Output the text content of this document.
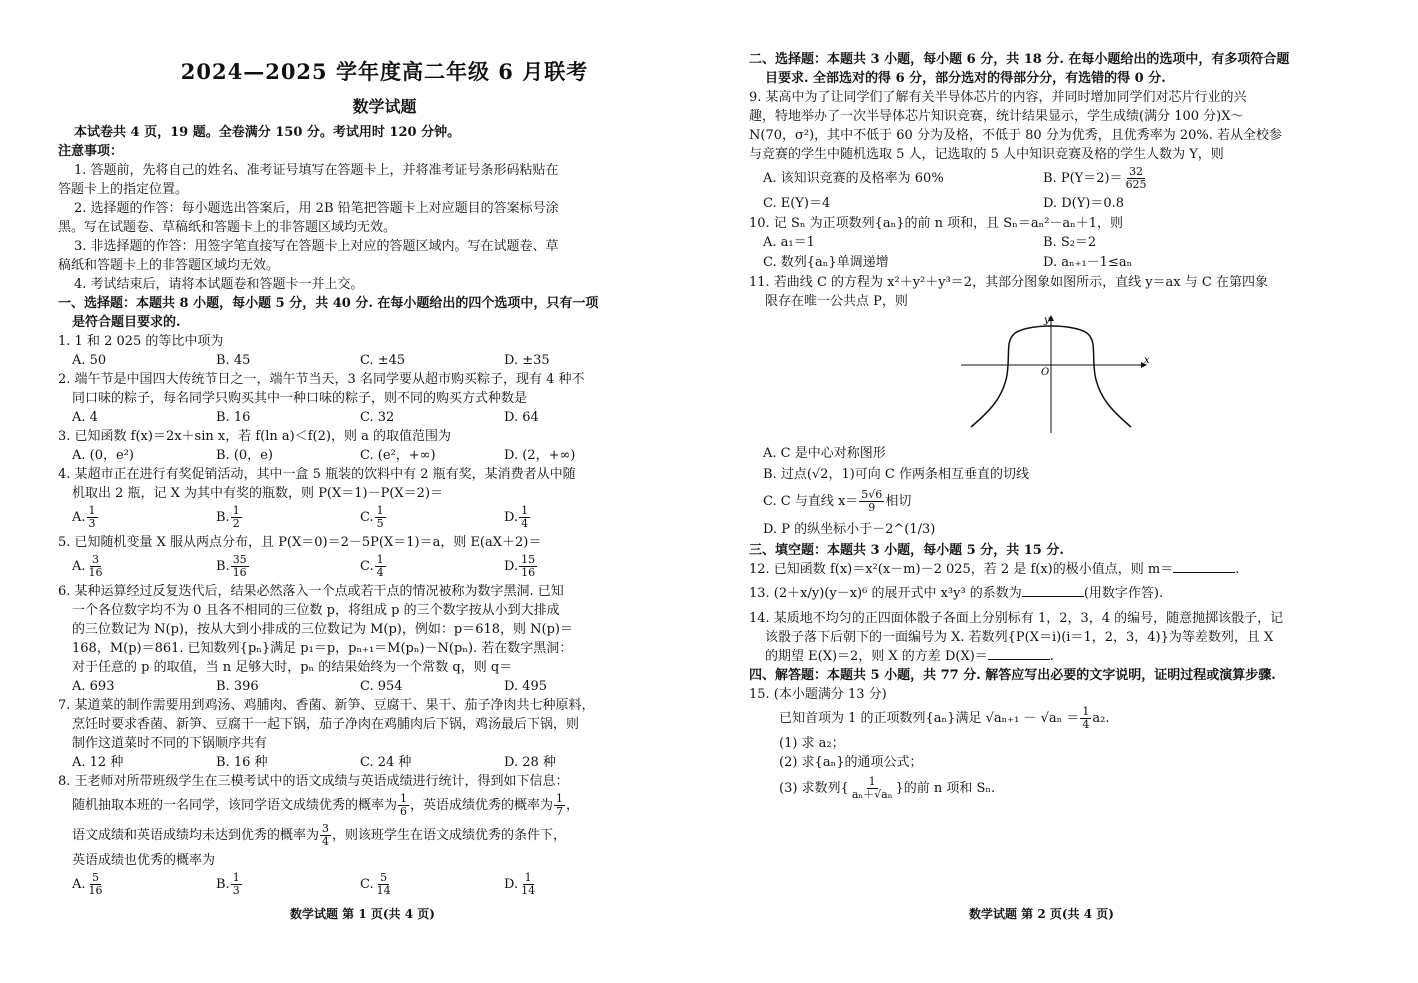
2024—2025 学年度高二年级 6 月联考
数学试题
本试卷共 4 页，19 题。全卷满分 150 分。考试用时 120 分钟。
注意事项：
1. 答题前，先将自己的姓名、准考证号填写在答题卡上，并将准考证号条形码粘贴在
答题卡上的指定位置。
2. 选择题的作答：每小题选出答案后，用 2B 铅笔把答题卡上对应题目的答案标号涂
黑。写在试题卷、草稿纸和答题卡上的非答题区域均无效。
3. 非选择题的作答：用签字笔直接写在答题卡上对应的答题区域内。写在试题卷、草
稿纸和答题卡上的非答题区域均无效。
4. 考试结束后，请将本试题卷和答题卡一并上交。
一、选择题：本题共 8 小题，每小题 5 分，共 40 分. 在每小题给出的四个选项中，只有一项
是符合题目要求的.
1. 1 和 2 025 的等比中项为
A. 50	B. 45	C. ±45	D. ±35
2. 端午节是中国四大传统节日之一，端午节当天，3 名同学要从超市购买粽子，现有 4 种不
同口味的粽子，每名同学只购买其中一种口味的粽子，则不同的购买方式种数是
A. 4	B. 16	C. 32	D. 64
3. 已知函数 f(x)＝2x＋sin x，若 f(ln a)＜f(2)，则 a 的取值范围为
A. (0，e²)	B. (0，e)	C. (e²，+∞)	D. (2，+∞)
4. 某超市正在进行有奖促销活动，其中一盒 5 瓶装的饮料中有 2 瓶有奖，某消费者从中随
机取出 2 瓶，记 X 为其中有奖的瓶数，则 P(X＝1)－P(X＝2)＝
A. $\frac{1}{3}$	B. $\frac{1}{2}$	C. $\frac{1}{5}$	D. $\frac{1}{4}$
5. 已知随机变量 X 服从两点分布，且 P(X＝0)＝2－5P(X＝1)＝a，则 E(aX＋2)＝
A. $\frac{3}{16}$	B. $\frac{35}{16}$	C. $\frac{1}{4}$	D. $\frac{15}{16}$
6. 某种运算经过反复迭代后，结果必然落入一个点或若干点的情况被称为数字黑洞. 已知
一个各位数字均不为 0 且各不相同的三位数 p，将组成 p 的三个数字按从小到大排成
的三位数记为 N(p)，按从大到小排成的三位数记为 M(p)，例如：p＝618，则 N(p)＝
168，M(p)＝861. 已知数列{pₙ}满足 p₁＝p，pₙ₊₁＝M(pₙ)－N(pₙ). 若在数字黑洞：
对于任意的 p 的取值，当 n 足够大时，pₙ 的结果始终为一个常数 q，则 q＝
A. 693	B. 396	C. 954	D. 495
7. 某道菜的制作需要用到鸡汤、鸡脯肉、香菌、新笋、豆腐干、果干、茄子净肉共七种原料，
烹饪时要求香菌、新笋、豆腐干一起下锅，茄子净肉在鸡脯肉后下锅，鸡汤最后下锅，则
制作这道菜时不同的下锅顺序共有
A. 12 种	B. 16 种	C. 24 种	D. 28 种
8. 王老师对所带班级学生在三模考试中的语文成绩与英语成绩进行统计，得到如下信息：
随机抽取本班的一名同学，该同学语文成绩优秀的概率为 $\frac{1}{6}$ ，英语成绩优秀的概率为 $\frac{1}{7}$ ，
语文成绩和英语成绩均未达到优秀的概率为 $\frac{3}{4}$ ，则该班学生在语文成绩优秀的条件下，
英语成绩也优秀的概率为
A. $\frac{5}{16}$	B. $\frac{1}{3}$	C. $\frac{5}{14}$	D. $\frac{1}{14}$
数学试题 第 1 页(共 4 页)
二、选择题：本题共 3 小题，每小题 6 分，共 18 分. 在每小题给出的选项中，有多项符合题
目要求. 全部选对的得 6 分，部分选对的得部分分，有选错的得 0 分.
9. 某高中为了让同学们了解有关半导体芯片的内容，并同时增加同学们对芯片行业的兴
趣，特地举办了一次半导体芯片知识竞赛，统计结果显示，学生成绩(满分 100 分)X～
N(70，σ²)，其中不低于 60 分为及格，不低于 80 分为优秀，且优秀率为 20%. 若从全校参
与竞赛的学生中随机选取 5 人，记选取的 5 人中知识竞赛及格的学生人数为 Y，则
A. 该知识竞赛的及格率为 60%	B. $P(Y=2)= \frac{32}{625}$
C. E(Y)＝4	D. D(Y)＝0.8
10. 记 Sₙ 为正项数列{aₙ}的前 n 项和，且 Sₙ＝aₙ²－aₙ＋1，则
A. a₁＝1	B. S₂＝2
C. 数列{aₙ}单调递增	D. aₙ₊₁－1≤aₙ
11. 若曲线 C 的方程为 x²＋y²＋y³＝2，其部分图象如图所示，直线 y＝ax 与 C 在第四象
限存在唯一公共点 P，则
x
y
O
A. C 是中心对称图形
B. 过点(√2，1)可向 C 作两条相互垂直的切线
C. C 与直线 $x= \frac{5√6}{9}$ 相切
D. P 的纵坐标小于－2^(1/3)
三、填空题：本题共 3 小题，每小题 5 分，共 15 分.
12. 已知函数 f(x)＝x²(x－m)－2 025，若 2 是 f(x)的极小值点，则 m＝	.
13. (2＋x/y)(y－x)⁶ 的展开式中 x³y³ 的系数为	(用数字作答).
14. 某质地不均匀的正四面体骰子各面上分别标有 1，2，3，4 的编号，随意抛掷该骰子，记
该骰子落下后朝下的一面编号为 X. 若数列{P(X＝i)(i＝1，2，3，4)}为等差数列，且 X
的期望 E(X)＝2，则 X 的方差 D(X)＝	.
四、解答题：本题共 5 小题，共 77 分. 解答应写出必要的文字说明，证明过程或演算步骤.
15. (本小题满分 13 分)
已知首项为 1 的正项数列{aₙ}满足 $√a_{n+1} - √a_n = \frac{1}{4} a_2$.
(1) 求 a₂；
(2) 求{aₙ}的通项公式；
(3) 求数列{ $\frac{1}{\text{aₙ＋√aₙ}}$ }的前 n 项和 Sₙ.
数学试题 第 2 页(共 4 页)
